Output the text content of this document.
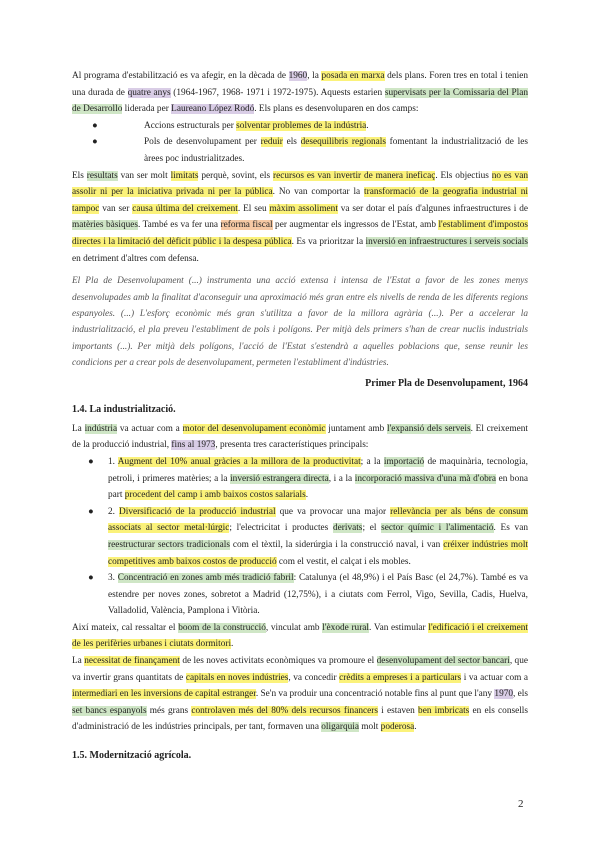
Al programa d'estabilització es va afegir, en la dècada de 1960, la posada en marxa dels plans. Foren tres en total i tenien una durada de quatre anys (1964-1967, 1968- 1971 i 1972-1975). Aquests estarien supervisats per la Comissaria del Plan de Desarrollo liderada per Laureano López Rodó. Els plans es desenvoluparen en dos camps:

●	Accions estructurals per solventar problemes de la indústria.
●	Pols de desenvolupament per reduir els desequilibris regionals fomentant la industrialització de les àrees poc industrialitzades.

Els resultats van ser molt limitats perquè, sovint, els recursos es van invertir de manera ineficaç. Els objectius no es van assolir ni per la iniciativa privada ni per la pública. No van comportar la transformació de la geografia industrial ni tampoc van ser causa última del creixement. El seu màxim assoliment va ser dotar el país d'algunes infraestructures i de matèries bàsiques. També es va fer una reforma fiscal per augmentar els ingressos de l'Estat, amb l'establiment d'impostos directes i la limitació del dèficit públic i la despesa pública. Es va prioritzar la inversió en infraestructures i serveis socials en detriment d'altres com defensa.

El Pla de Desenvolupament (...) instrumenta una acció extensa i intensa de l'Estat a favor de les zones menys desenvolupades amb la finalitat d'aconseguir una aproximació més gran entre els nivells de renda de les diferents regions espanyoles. (...) L'esforç econòmic més gran s'utilitza a favor de la millora agrària (...). Per a accelerar la industrialització, el pla preveu l'establiment de pols i polígons. Per mitjà dels primers s'han de crear nuclis industrials importants (...). Per mitjà dels polígons, l'acció de l'Estat s'estendrà a aquelles poblacions que, sense reunir les condicions per a crear pols de desenvolupament, permeten l'establiment d'indústries.

Primer Pla de Desenvolupament, 1964

1.4. La industrialització.

La indústria va actuar com a motor del desenvolupament econòmic juntament amb l'expansió dels serveis. El creixement de la producció industrial, fins al 1973, presenta tres característiques principals:

● 1. Augment del 10% anual gràcies a la millora de la productivitat; a la importació de maquinària, tecnologia, petroli, i primeres matèries; a la inversió estrangera directa, i a la incorporació massiva d'una mà d'obra en bona part procedent del camp i amb baixos costos salarials.
● 2. Diversificació de la producció industrial que va provocar una major rellevància per als béns de consum associats al sector metal·lúrgic; l'electricitat i productes derivats; el sector químic i l'alimentació. Es van reestructurar sectors tradicionals com el tèxtil, la siderúrgia i la construcció naval, i van créixer indústries molt competitives amb baixos costos de producció com el vestit, el calçat i els mobles.
● 3. Concentració en zones amb més tradició fabril: Catalunya (el 48,9%) i el País Basc (el 24,7%). També es va estendre per noves zones, sobretot a Madrid (12,75%), i a ciutats com Ferrol, Vigo, Sevilla, Cadis, Huelva, Valladolid, València, Pamplona i Vitòria.

Així mateix, cal ressaltar el boom de la construcció, vinculat amb l'èxode rural. Van estimular l'edificació i el creixement de les perifèries urbanes i ciutats dormitori.

La necessitat de finançament de les noves activitats econòmiques va promoure el desenvolupament del sector bancari, que va invertir grans quantitats de capitals en noves indústries, va concedir crèdits a empreses i a particulars i va actuar com a intermediari en les inversions de capital estranger. Se'n va produir una concentració notable fins al punt que l'any 1970, els set bancs espanyols més grans controlaven més del 80% dels recursos financers i estaven ben imbricats en els consells d'administració de les indústries principals, per tant, formaven una oligarquia molt poderosa.

1.5. Modernització agrícola.
2
